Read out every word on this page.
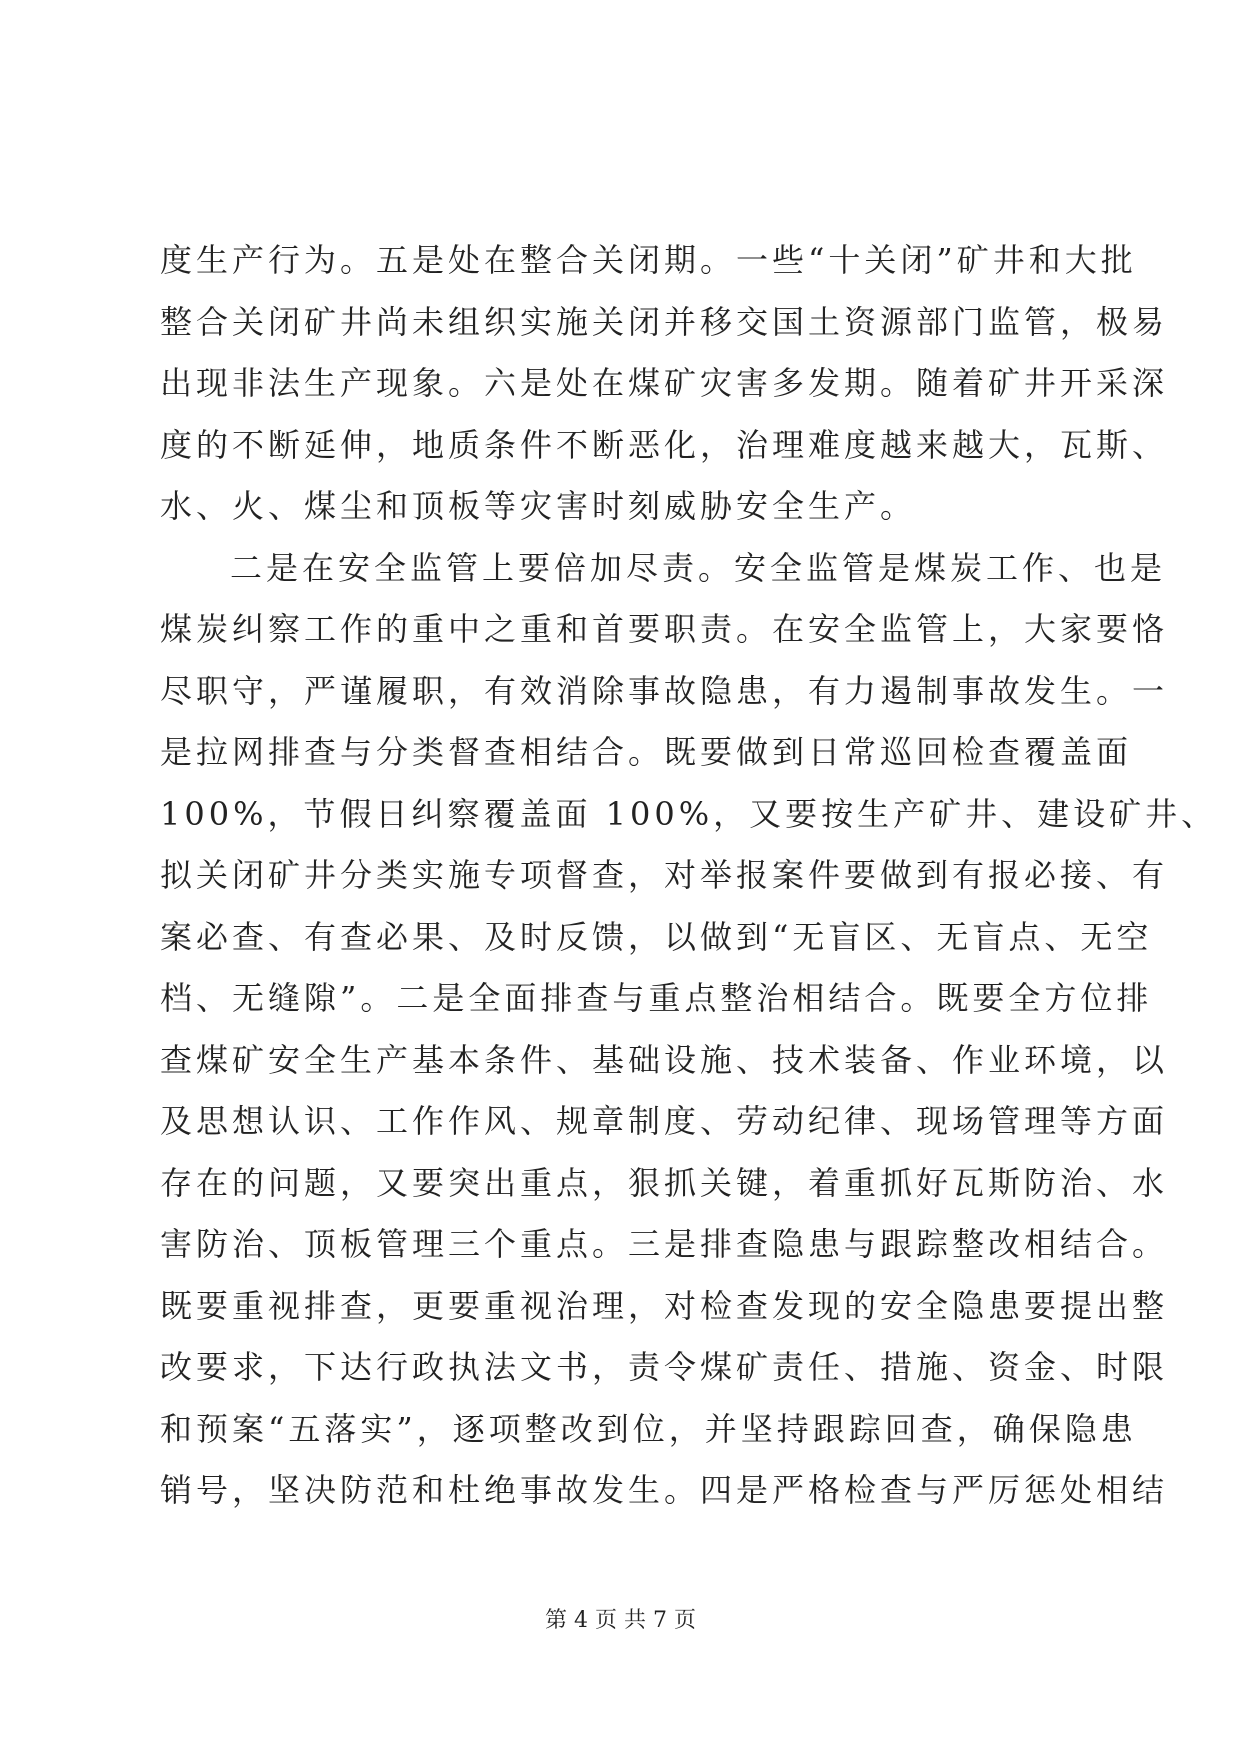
度生产行为。五是处在整合关闭期。一些“十关闭”矿井和大批
整合关闭矿井尚未组织实施关闭并移交国土资源部门监管，极易
出现非法生产现象。六是处在煤矿灾害多发期。随着矿井开采深
度的不断延伸，地质条件不断恶化，治理难度越来越大，瓦斯、
水、火、煤尘和顶板等灾害时刻威胁安全生产。
二是在安全监管上要倍加尽责。安全监管是煤炭工作、也是
煤炭纠察工作的重中之重和首要职责。在安全监管上，大家要恪
尽职守，严谨履职，有效消除事故隐患，有力遏制事故发生。一
是拉网排查与分类督查相结合。既要做到日常巡回检查覆盖面
100%，节假日纠察覆盖面 100%，又要按生产矿井、建设矿井、
拟关闭矿井分类实施专项督查，对举报案件要做到有报必接、有
案必查、有查必果、及时反馈，以做到“无盲区、无盲点、无空
档、无缝隙”。二是全面排查与重点整治相结合。既要全方位排
查煤矿安全生产基本条件、基础设施、技术装备、作业环境，以
及思想认识、工作作风、规章制度、劳动纪律、现场管理等方面
存在的问题，又要突出重点，狠抓关键，着重抓好瓦斯防治、水
害防治、顶板管理三个重点。三是排查隐患与跟踪整改相结合。
既要重视排查，更要重视治理，对检查发现的安全隐患要提出整
改要求，下达行政执法文书，责令煤矿责任、措施、资金、时限
和预案“五落实”，逐项整改到位，并坚持跟踪回查，确保隐患
销号，坚决防范和杜绝事故发生。四是严格检查与严厉惩处相结
第 4 页 共 7 页
